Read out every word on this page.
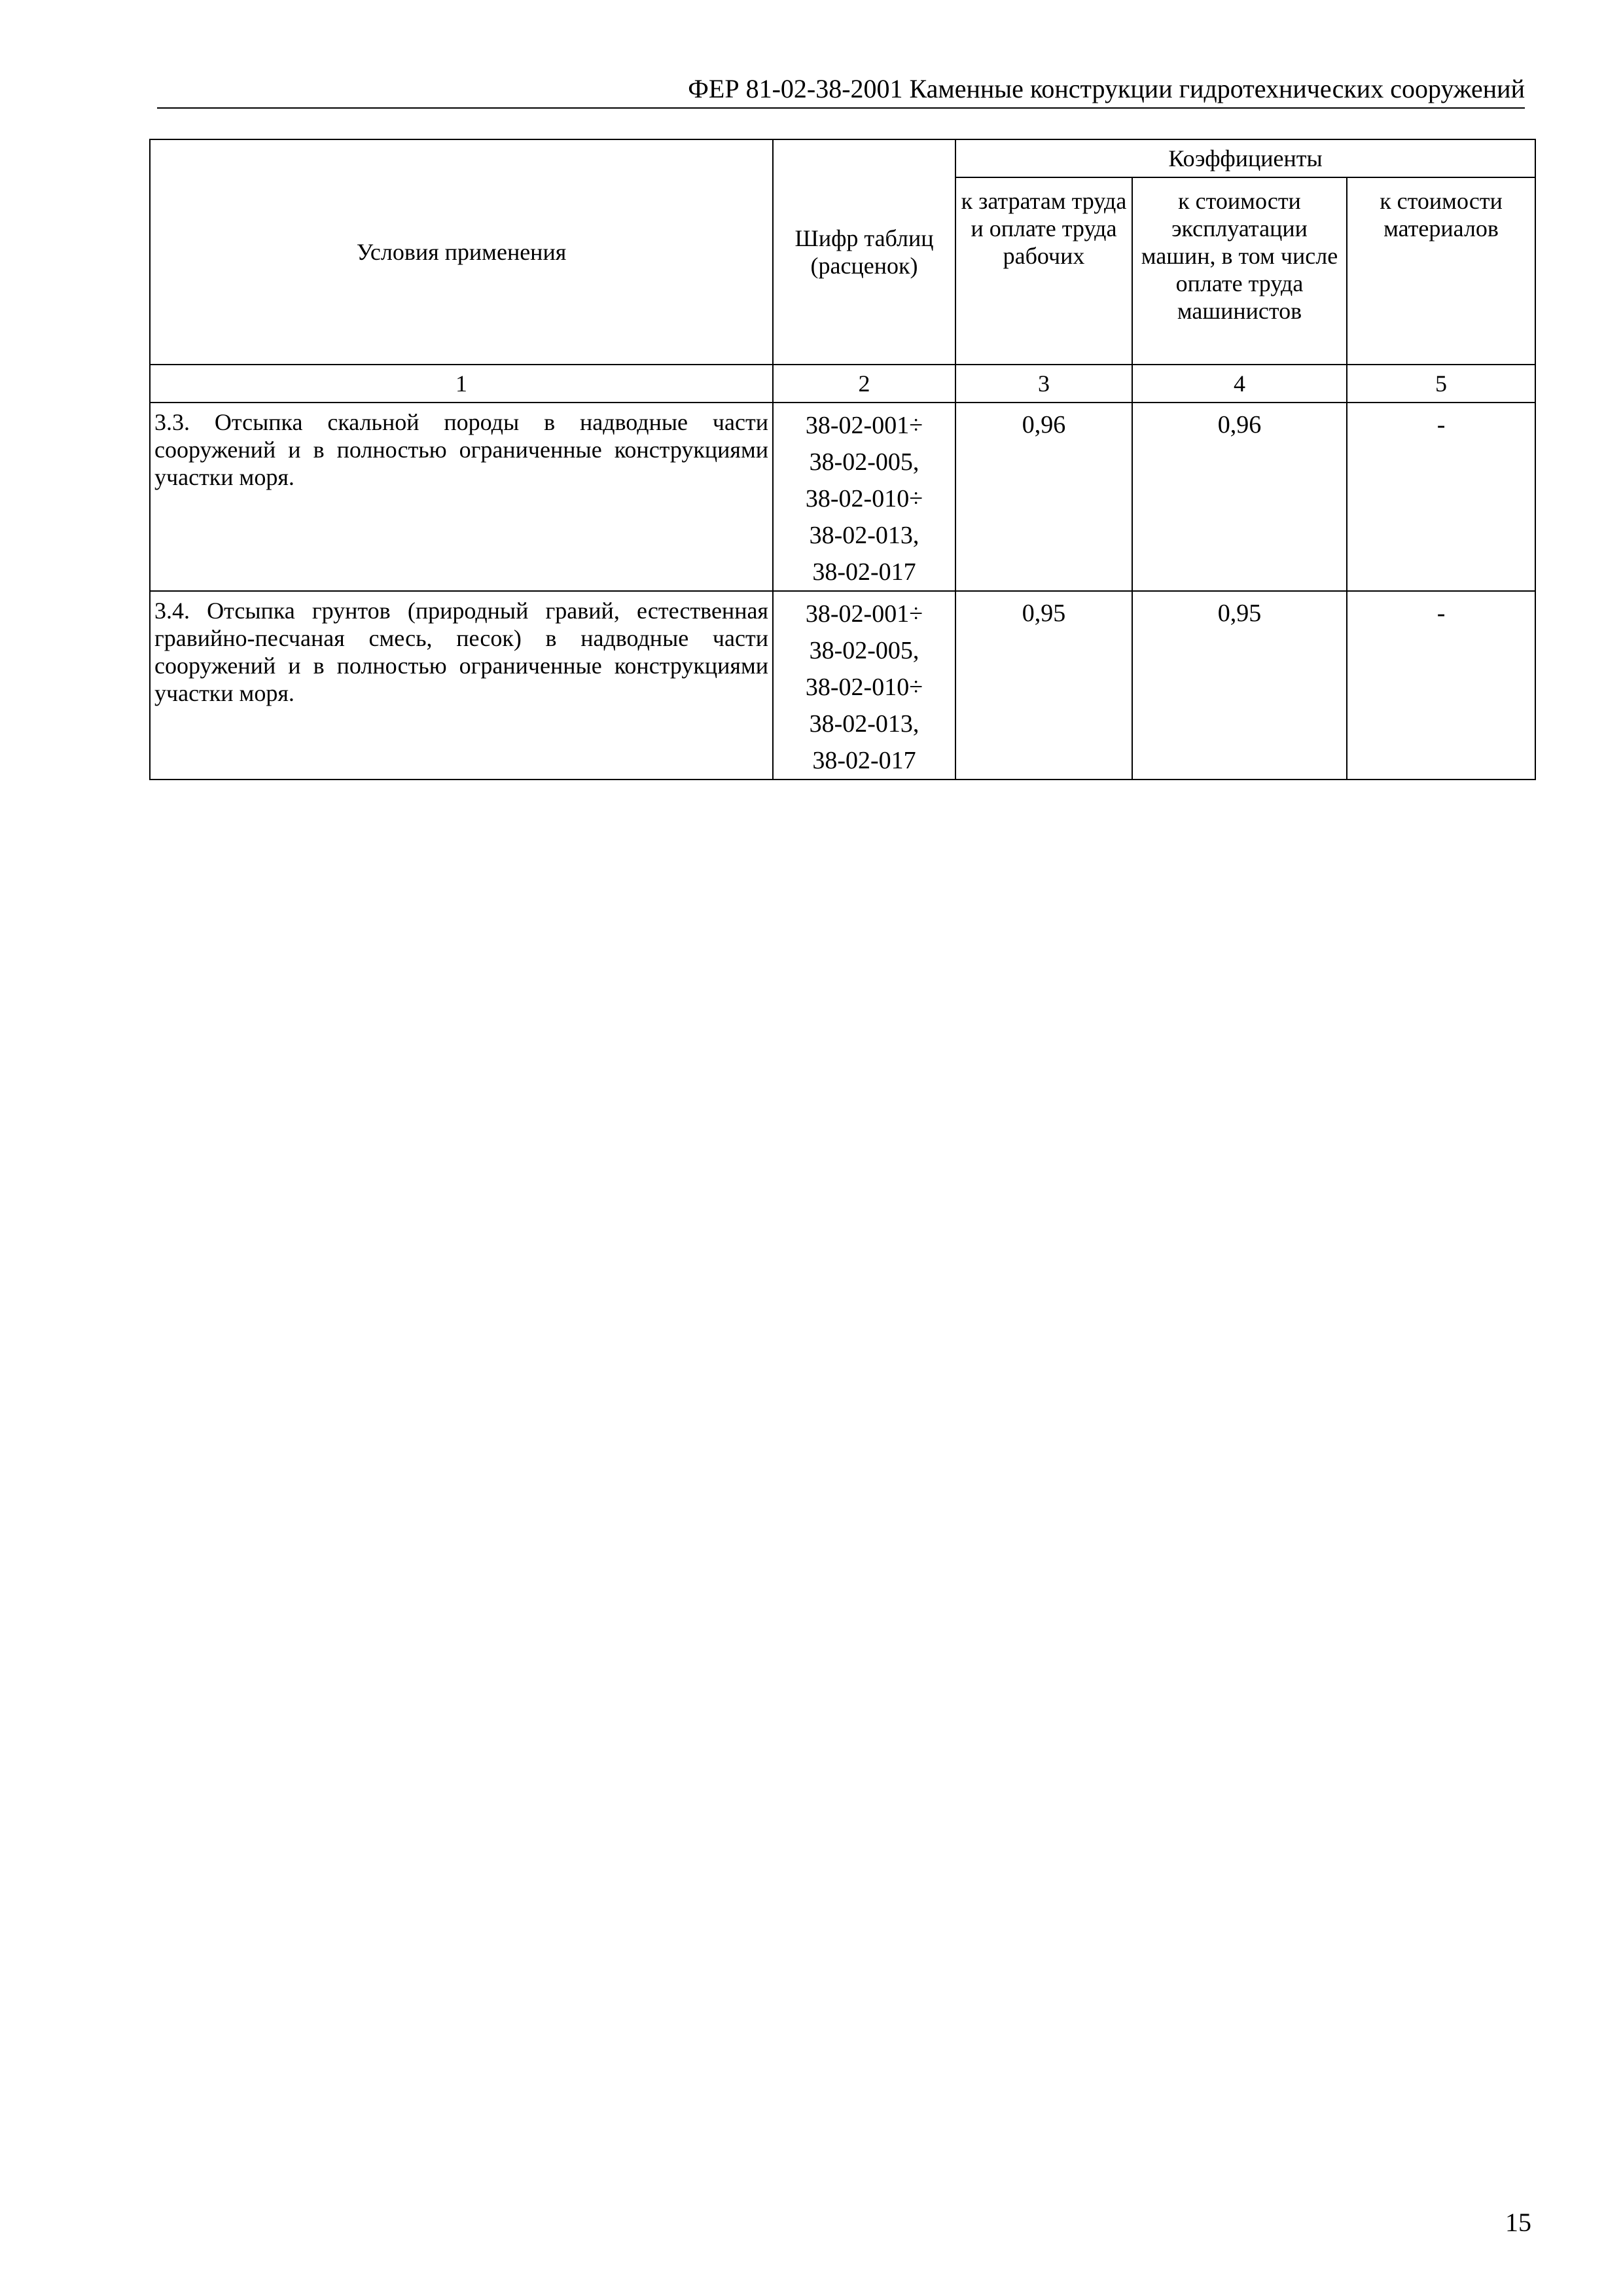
ФЕР 81-02-38-2001 Каменные конструкции гидротехнических сооружений
Условия применения	Шифр таблиц (расценок)	Коэффициенты		
		к затратам труда и оплате труда рабочих	к стоимости эксплуатации машин, в том числе оплате труда машинистов	к стоимости материалов
1	2	3	4	5
3.3. Отсыпка скальной породы в надводные части сооружений и в полностью ограниченные конструкциями участки моря.	38-02-001÷
38-02-005,
38-02-010÷
38-02-013,
38-02-017	0,96	0,96	-
3.4. Отсыпка грунтов (природный гравий, естественная гравийно-песчаная смесь, песок) в надводные части сооружений и в полностью ограниченные конструкциями участки моря.	38-02-001÷
38-02-005,
38-02-010÷
38-02-013,
38-02-017	0,95	0,95	-
15
